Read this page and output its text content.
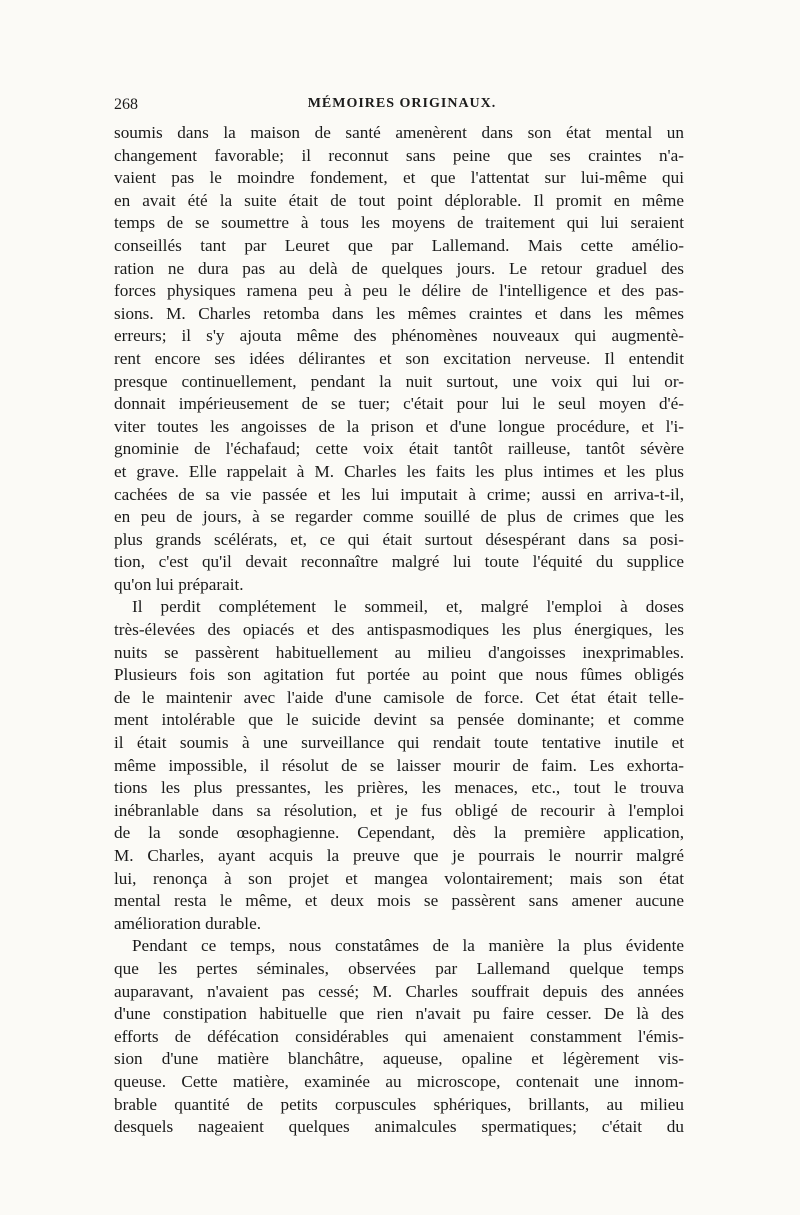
268	MÉMOIRES ORIGINAUX.

soumis dans la maison de santé amenèrent dans son état mental un
changement favorable; il reconnut sans peine que ses craintes n'a-
vaient pas le moindre fondement, et que l'attentat sur lui-même qui
en avait été la suite était de tout point déplorable. Il promit en même
temps de se soumettre à tous les moyens de traitement qui lui seraient
conseillés tant par Leuret que par Lallemand. Mais cette amélio-
ration ne dura pas au delà de quelques jours. Le retour graduel des
forces physiques ramena peu à peu le délire de l'intelligence et des pas-
sions. M. Charles retomba dans les mêmes craintes et dans les mêmes
erreurs; il s'y ajouta même des phénomènes nouveaux qui augmentè-
rent encore ses idées délirantes et son excitation nerveuse. Il entendit
presque continuellement, pendant la nuit surtout, une voix qui lui or-
donnait impérieusement de se tuer; c'était pour lui le seul moyen d'é-
viter toutes les angoisses de la prison et d'une longue procédure, et l'i-
gnominie de l'échafaud; cette voix était tantôt railleuse, tantôt sévère
et grave. Elle rappelait à M. Charles les faits les plus intimes et les plus
cachées de sa vie passée et les lui imputait à crime; aussi en arriva-t-il,
en peu de jours, à se regarder comme souillé de plus de crimes que les
plus grands scélérats, et, ce qui était surtout désespérant dans sa posi-
tion, c'est qu'il devait reconnaître malgré lui toute l'équité du supplice
qu'on lui préparait.

Il perdit complétement le sommeil, et, malgré l'emploi à doses
très-élevées des opiacés et des antispasmodiques les plus énergiques, les
nuits se passèrent habituellement au milieu d'angoisses inexprimables.
Plusieurs fois son agitation fut portée au point que nous fûmes obligés
de le maintenir avec l'aide d'une camisole de force. Cet état était telle-
ment intolérable que le suicide devint sa pensée dominante; et comme
il était soumis à une surveillance qui rendait toute tentative inutile et
même impossible, il résolut de se laisser mourir de faim. Les exhorta-
tions les plus pressantes, les prières, les menaces, etc., tout le trouva
inébranlable dans sa résolution, et je fus obligé de recourir à l'emploi
de la sonde œsophagienne. Cependant, dès la première application,
M. Charles, ayant acquis la preuve que je pourrais le nourrir malgré
lui, renonça à son projet et mangea volontairement; mais son état
mental resta le même, et deux mois se passèrent sans amener aucune
amélioration durable.

Pendant ce temps, nous constatâmes de la manière la plus évidente
que les pertes séminales, observées par Lallemand quelque temps
auparavant, n'avaient pas cessé; M. Charles souffrait depuis des années
d'une constipation habituelle que rien n'avait pu faire cesser. De là des
efforts de défécation considérables qui amenaient constamment l'émis-
sion d'une matière blanchâtre, aqueuse, opaline et légèrement vis-
queuse. Cette matière, examinée au microscope, contenait une innom-
brable quantité de petits corpuscules sphériques, brillants, au milieu
desquels nageaient quelques animalcules spermatiques; c'était du
